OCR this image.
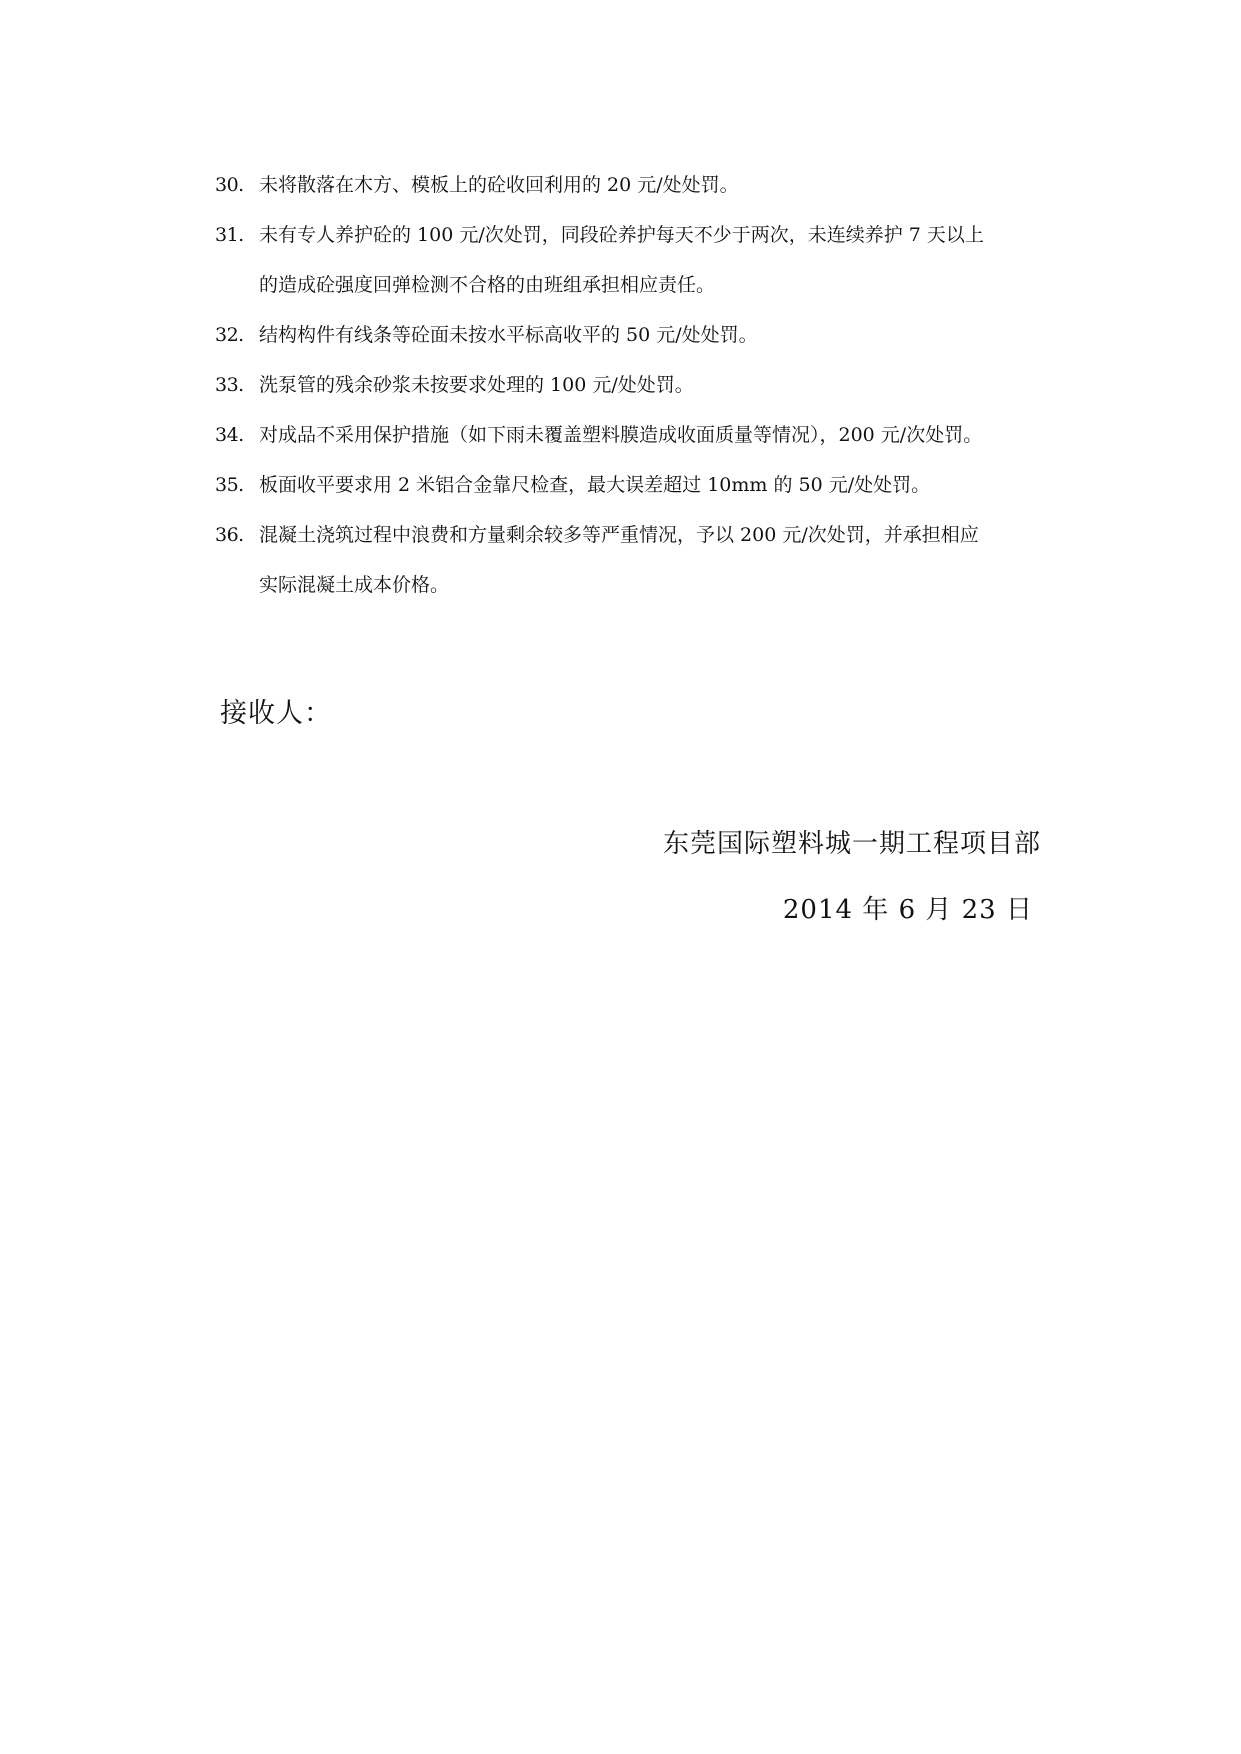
30. 未将散落在木方、模板上的砼收回利用的 20 元/处处罚。
31. 未有专人养护砼的 100 元/次处罚，同段砼养护每天不少于两次，未连续养护 7 天以上
的造成砼强度回弹检测不合格的由班组承担相应责任。
32. 结构构件有线条等砼面未按水平标高收平的 50 元/处处罚。
33. 洗泵管的残余砂浆未按要求处理的 100 元/处处罚。
34. 对成品不采用保护措施（如下雨未覆盖塑料膜造成收面质量等情况），200 元/次处罚。
35. 板面收平要求用 2 米铝合金靠尺检查，最大误差超过 10mm 的 50 元/处处罚。
36. 混凝土浇筑过程中浪费和方量剩余较多等严重情况，予以 200 元/次处罚，并承担相应
实际混凝土成本价格。
接收人：
东莞国际塑料城一期工程项目部
2014 年 6 月 23 日
